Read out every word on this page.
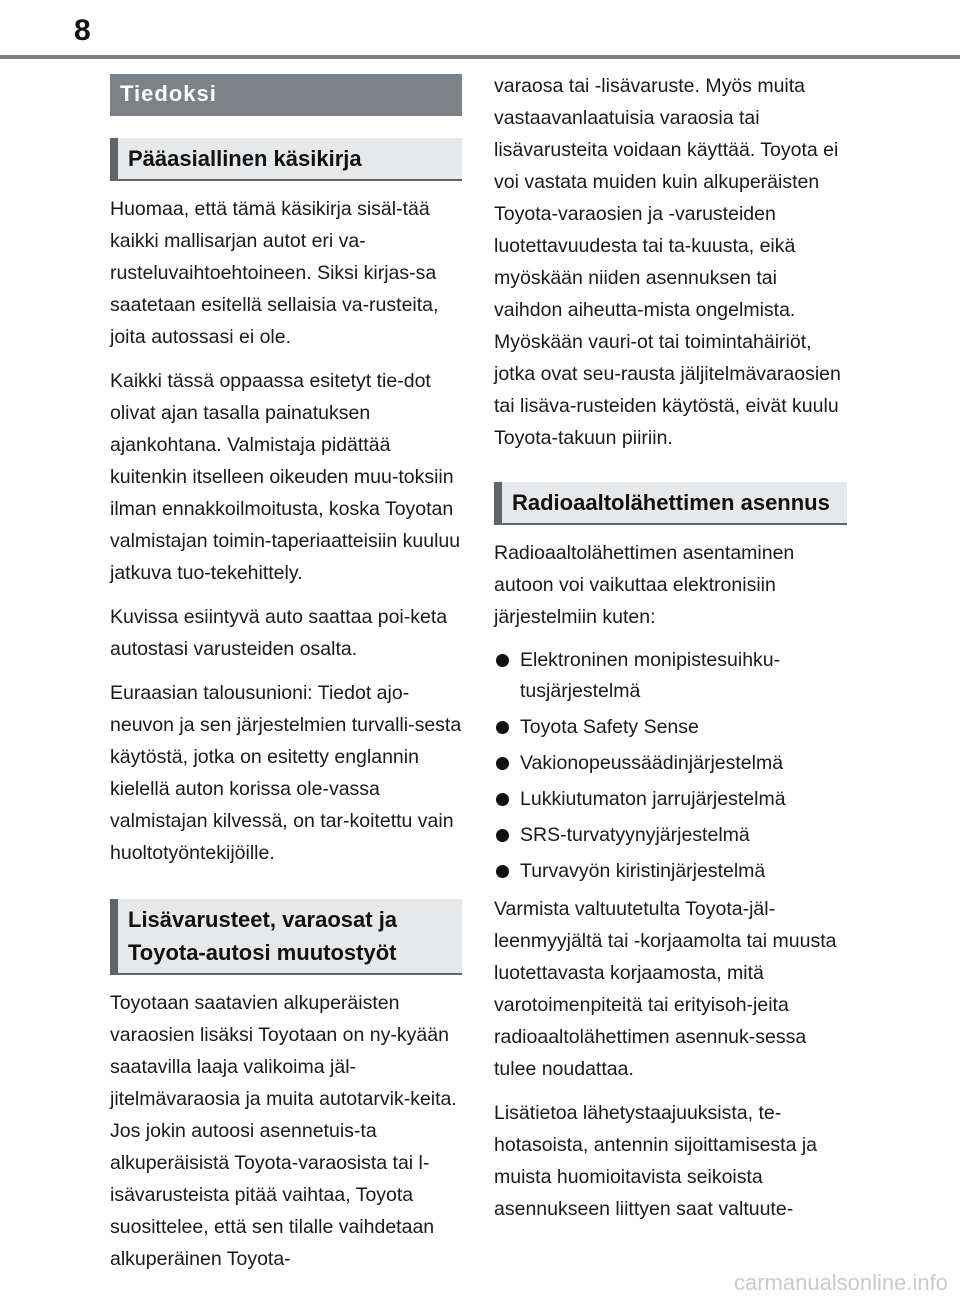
8
Tiedoksi
Pääasiallinen käsikirja

Huomaa, että tämä käsikirja sisäl-tää kaikki mallisarjan autot eri va-rusteluvaihtoehtoineen. Siksi kirjas-sa saatetaan esitellä sellaisia va-rusteita, joita autossasi ei ole.

Kaikki tässä oppaassa esitetyt tie-dot olivat ajan tasalla painatuksen ajankohtana. Valmistaja pidättää kuitenkin itselleen oikeuden muu-toksiin ilman ennakkoilmoitusta, koska Toyotan valmistajan toimin-taperiaatteisiin kuuluu jatkuva tuo-tekehittely.

Kuvissa esiintyvä auto saattaa poi-keta autostasi varusteiden osalta.

Euraasian talousunioni: Tiedot ajo-neuvon ja sen järjestelmien turvalli-sesta käytöstä, jotka on esitetty englannin kielellä auton korissa ole-vassa valmistajan kilvessä, on tar-koitettu vain huoltotyöntekijöille.

Lisävarusteet, varaosat ja Toyota-autosi muutostyöt

Toyotaan saatavien alkuperäisten varaosien lisäksi Toyotaan on ny-kyään saatavilla laaja valikoima jäl-jitelmävaraosia ja muita autotarvik-keita. Jos jokin autoosi asennetuis-ta alkuperäisistä Toyota-varaosista tai l-isävarusteista pitää vaihtaa, Toyota suosittelee, että sen tilalle vaihdetaan alkuperäinen Toyota-

varaosa tai -lisävaruste. Myös muita vastaavanlaatuisia varaosia tai lisävarusteita voidaan käyttää. Toyota ei voi vastata muiden kuin alkuperäisten Toyota-varaosien ja -varusteiden luotettavuudesta tai ta-kuusta, eikä myöskään niiden asennuksen tai vaihdon aiheutta-mista ongelmista. Myöskään vauri-ot tai toimintahäiriöt, jotka ovat seu-rausta jäljitelmävaraosien tai lisäva-rusteiden käytöstä, eivät kuulu Toyota-takuun piiriin.

Radioaaltolähettimen asennus

Radioaaltolähettimen asentaminen autoon voi vaikuttaa elektronisiin järjestelmiin kuten:

Elektroninen monipistesuihku-tusjärjestelmä
Toyota Safety Sense
Vakionopeussäädinjärjestelmä
Lukkiutumaton jarrujärjestelmä
SRS-turvatyynyjärjestelmä
Turvavyön kiristinjärjestelmä

Varmista valtuutetulta Toyota-jäl-leenmyyjältä tai -korjaamolta tai muusta luotettavasta korjaamosta, mitä varotoimenpiteitä tai erityisoh-jeita radioaaltolähettimen asennuk-sessa tulee noudattaa.

Lisätietoa lähetystaajuuksista, te-hotasoista, antennin sijoittamisesta ja muista huomioitavista seikoista asennukseen liittyen saat valtuute-

carmanualsonline.info
